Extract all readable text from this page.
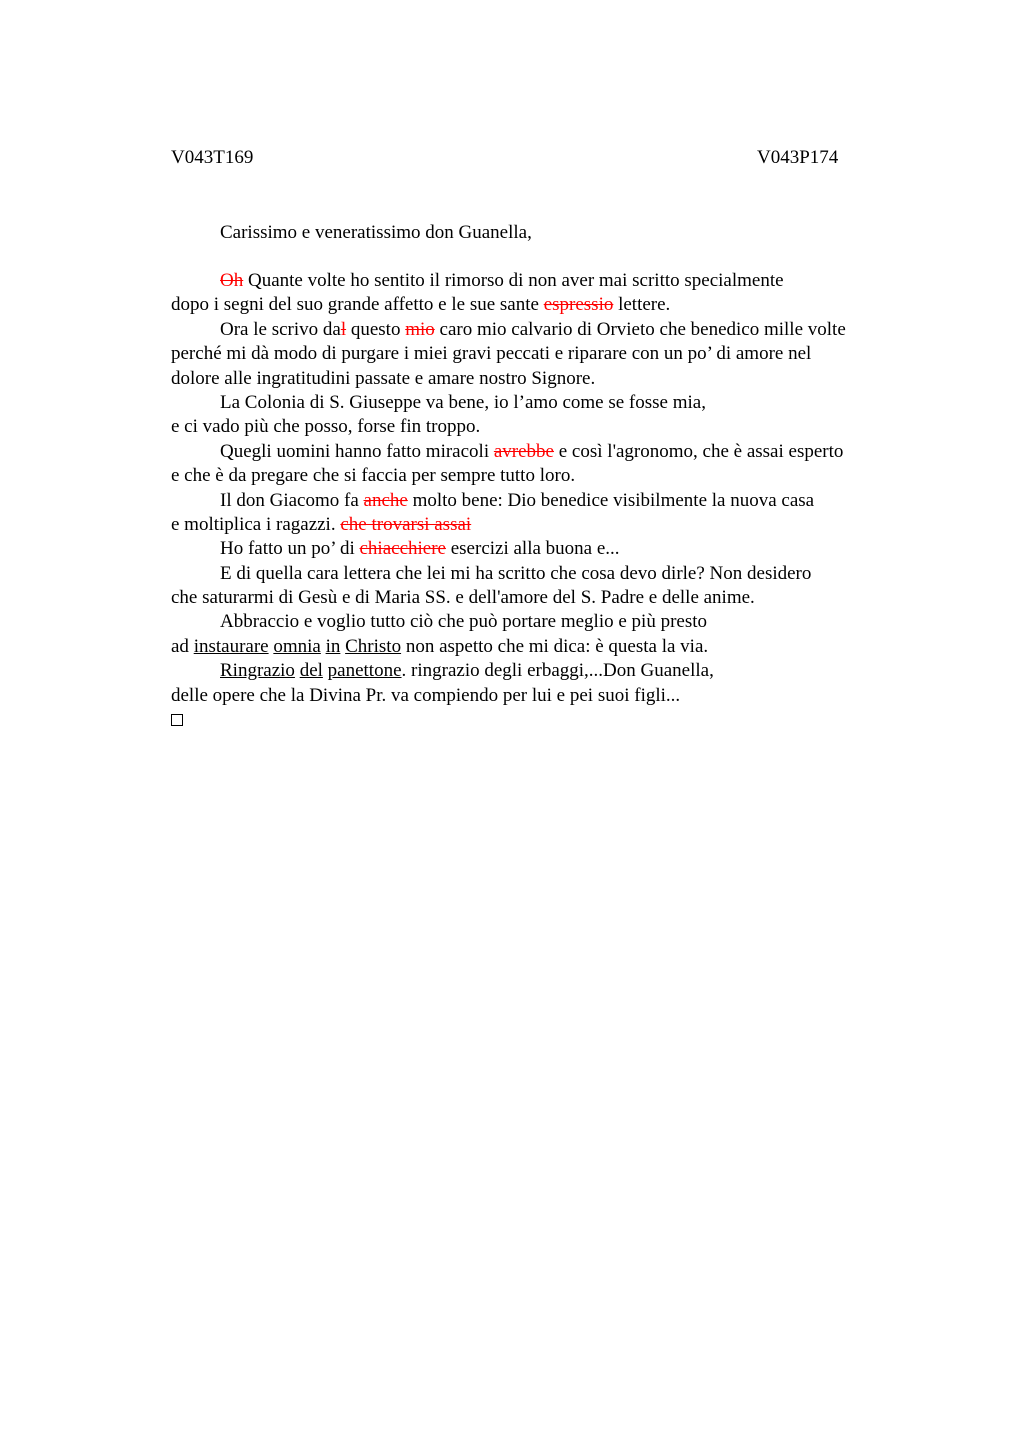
V043T169	V043P174
Carissimo e veneratissimo don Guanella,
Oh Quante volte ho sentito il rimorso di non aver mai scritto specialmente
dopo i segni del suo grande affetto e le sue sante espressio lettere.
Ora le scrivo dal questo mio caro mio calvario di Orvieto che benedico mille volte
perché mi dà modo di purgare i miei gravi peccati e riparare con un po’ di amore nel
dolore alle ingratitudini passate e amare nostro Signore.
La Colonia di S. Giuseppe va bene, io l’amo come se fosse mia,
e ci vado più che posso, forse fin troppo.
Quegli uomini hanno fatto miracoli avrebbe e così l'agronomo, che è assai esperto
e che è da pregare che si faccia per sempre tutto loro.
Il don Giacomo fa anche molto bene: Dio benedice visibilmente la nuova casa
e moltiplica i ragazzi. che trovarsi assai
Ho fatto un po’ di chiacchiere esercizi alla buona e...
E di quella cara lettera che lei mi ha scritto che cosa devo dirle? Non desidero
che saturarmi di Gesù e di Maria SS. e dell'amore del S. Padre e delle anime.
Abbraccio e voglio tutto ciò che può portare meglio e più presto
ad instaurare omnia in Christo non aspetto che mi dica: è questa la via.
Ringrazio del panettone. ringrazio degli erbaggi,...Don Guanella,
delle opere che la Divina Pr. va compiendo per lui e pei suoi figli...
